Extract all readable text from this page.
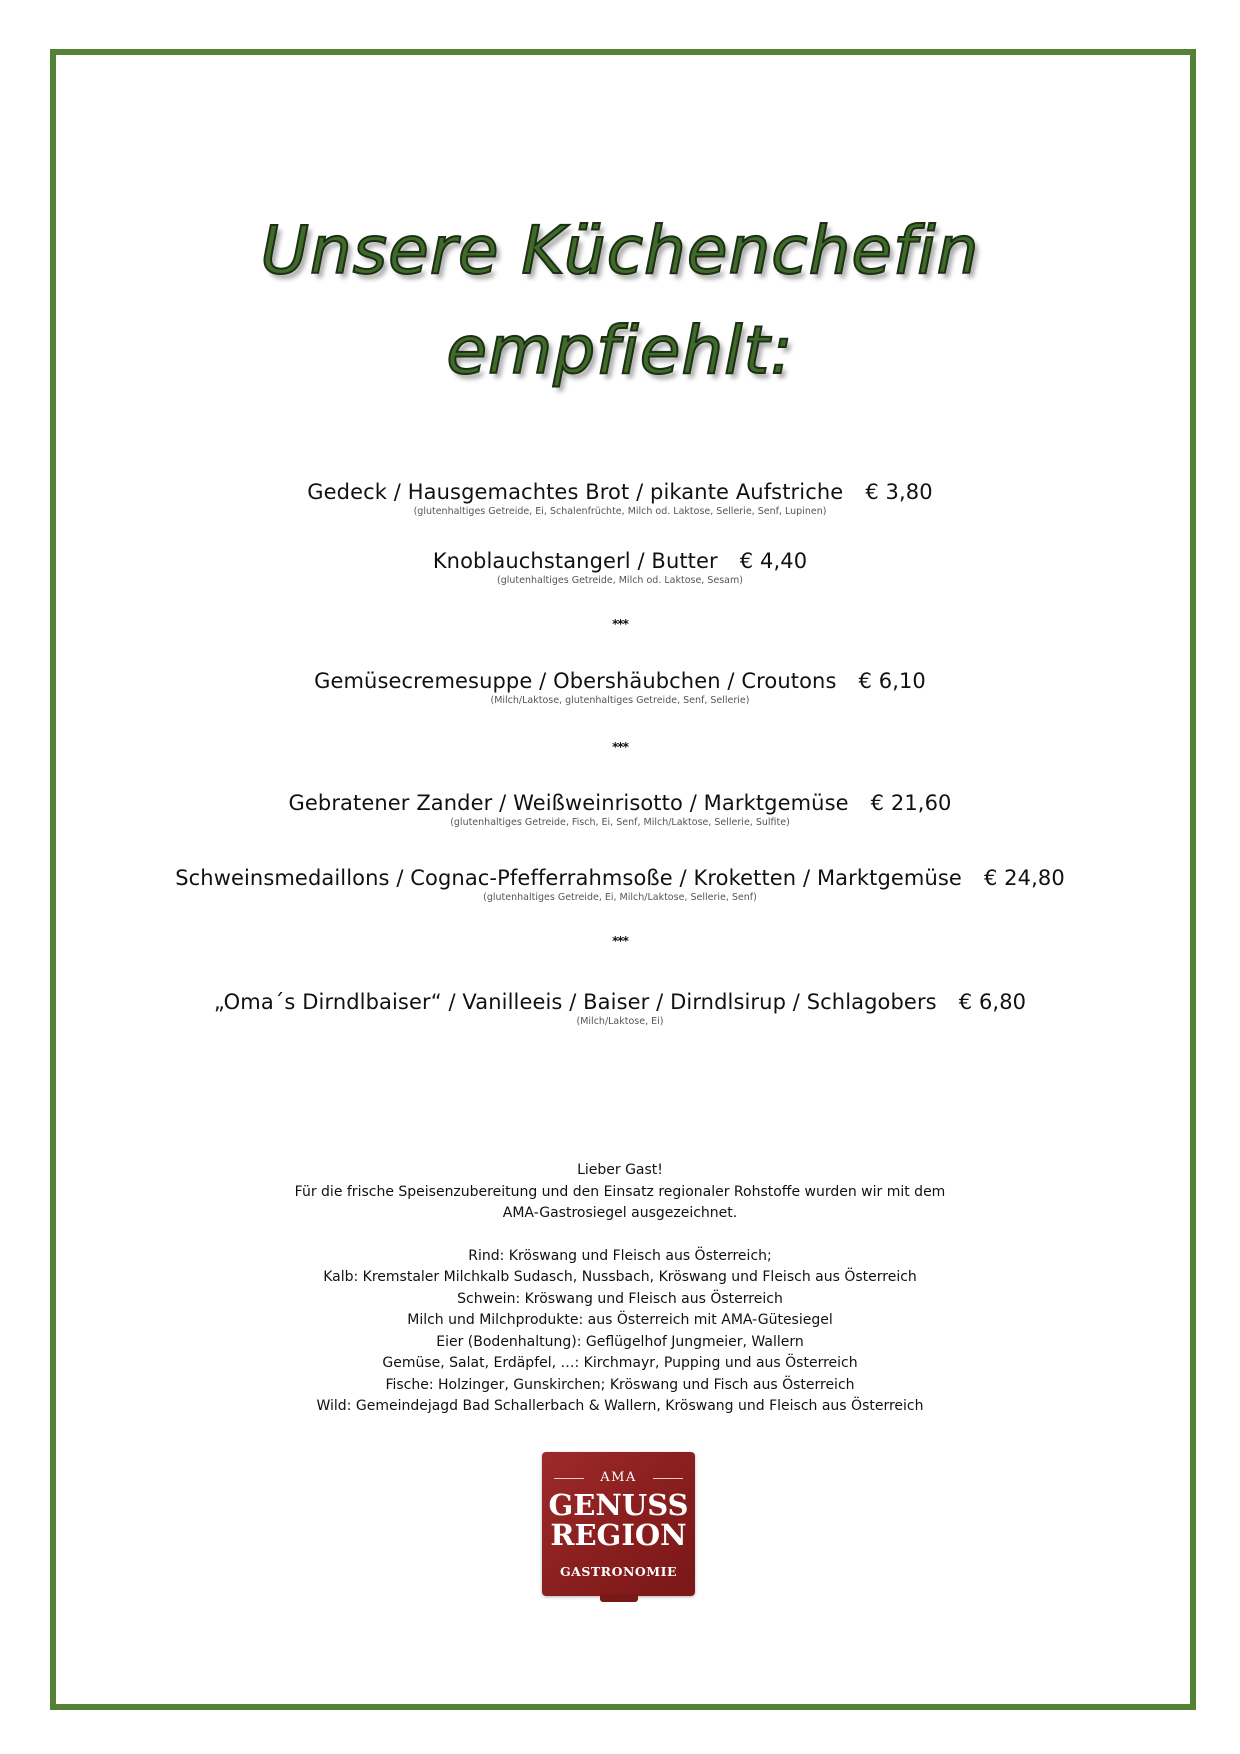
Unsere Küchenchefin
empfiehlt:
Gedeck / Hausgemachtes Brot / pikante Aufstriche € 3,80
(glutenhaltiges Getreide, Ei, Schalenfrüchte, Milch od. Laktose, Sellerie, Senf, Lupinen)
Knoblauchstangerl / Butter € 4,40
(glutenhaltiges Getreide, Milch od. Laktose, Sesam)
***
Gemüsecremesuppe / Obershäubchen / Croutons € 6,10
(Milch/Laktose, glutenhaltiges Getreide, Senf, Sellerie)
***
Gebratener Zander / Weißweinrisotto / Marktgemüse € 21,60
(glutenhaltiges Getreide, Fisch, Ei, Senf, Milch/Laktose, Sellerie, Sulfite)
Schweinsmedaillons / Cognac-Pfefferrahmsoße / Kroketten / Marktgemüse € 24,80
(glutenhaltiges Getreide, Ei, Milch/Laktose, Sellerie, Senf)
***
„Oma´s Dirndlbaiser“ / Vanilleeis / Baiser / Dirndlsirup / Schlagobers € 6,80
(Milch/Laktose, Ei)

Lieber Gast!

Für die frische Speisenzubereitung und den Einsatz regionaler Rohstoffe wurden wir mit dem

AMA-Gastrosiegel ausgezeichnet.

Rind: Kröswang und Fleisch aus Österreich;

Kalb: Kremstaler Milchkalb Sudasch, Nussbach, Kröswang und Fleisch aus Österreich

Schwein: Kröswang und Fleisch aus Österreich

Milch und Milchprodukte: aus Österreich mit AMA-Gütesiegel

Eier (Bodenhaltung): Geflügelhof Jungmeier, Wallern

Gemüse, Salat, Erdäpfel, …: Kirchmayr, Pupping und aus Österreich

Fische: Holzinger, Gunskirchen; Kröswang und Fisch aus Österreich

Wild: Gemeindejagd Bad Schallerbach & Wallern, Kröswang und Fleisch aus Österreich

AMA
GENUSS
REGION
GASTRONOMIE
